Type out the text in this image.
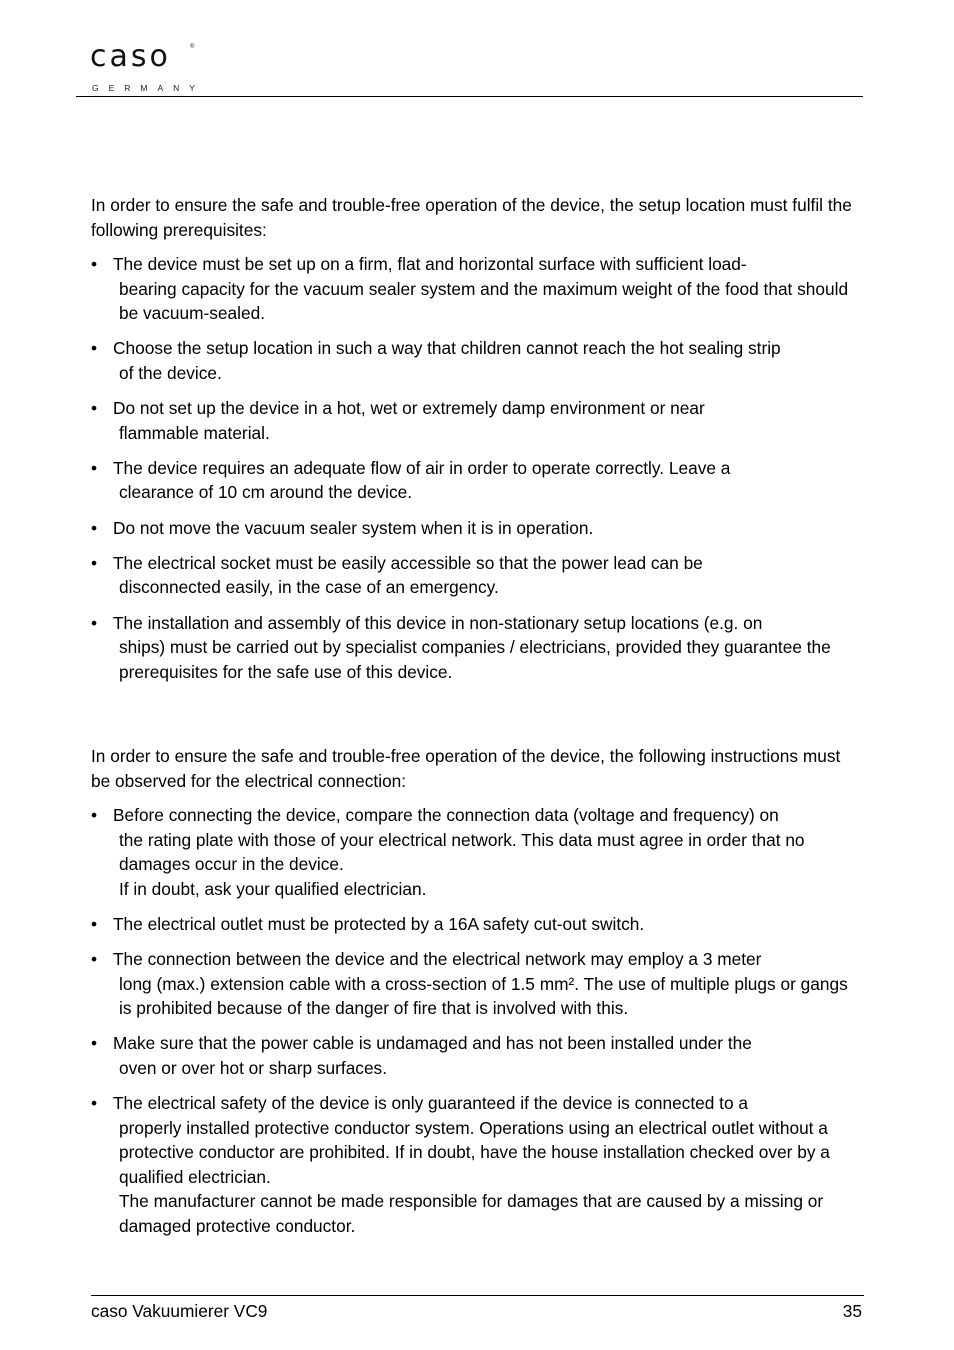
caso	®
GERMANY

In order to ensure the safe and trouble-free operation of the device, the setup location must fulfil the following prerequisites:

• The device must be set up on a firm, flat and horizontal surface with sufficient load-
bearing capacity for the vacuum sealer system and the maximum weight of the food that should be vacuum-sealed.
• Choose the setup location in such a way that children cannot reach the hot sealing strip
of the device.
• Do not set up the device in a hot, wet or extremely damp environment or near
flammable material.
• The device requires an adequate flow of air in order to operate correctly. Leave a
clearance of 10 cm around the device.
• Do not move the vacuum sealer system when it is in operation.
• The electrical socket must be easily accessible so that the power lead can be
disconnected easily, in the case of an emergency.
• The installation and assembly of this device in non-stationary setup locations (e.g. on
ships) must be carried out by specialist companies / electricians, provided they guarantee the prerequisites for the safe use of this device.

In order to ensure the safe and trouble-free operation of the device, the following instructions must be observed for the electrical connection:

• Before connecting the device, compare the connection data (voltage and frequency) on
the rating plate with those of your electrical network. This data must agree in order that no damages occur in the device.
If in doubt, ask your qualified electrician.
• The electrical outlet must be protected by a 16A safety cut-out switch.
• The connection between the device and the electrical network may employ a 3 meter
long (max.) extension cable with a cross-section of 1.5 mm². The use of multiple plugs or gangs is prohibited because of the danger of fire that is involved with this.
• Make sure that the power cable is undamaged and has not been installed under the
oven or over hot or sharp surfaces.
• The electrical safety of the device is only guaranteed if the device is connected to a
properly installed protective conductor system. Operations using an electrical outlet without a protective conductor are prohibited. If in doubt, have the house installation checked over by a qualified electrician.
The manufacturer cannot be made responsible for damages that are caused by a missing or damaged protective conductor.
caso Vakuumierer VC9	35
